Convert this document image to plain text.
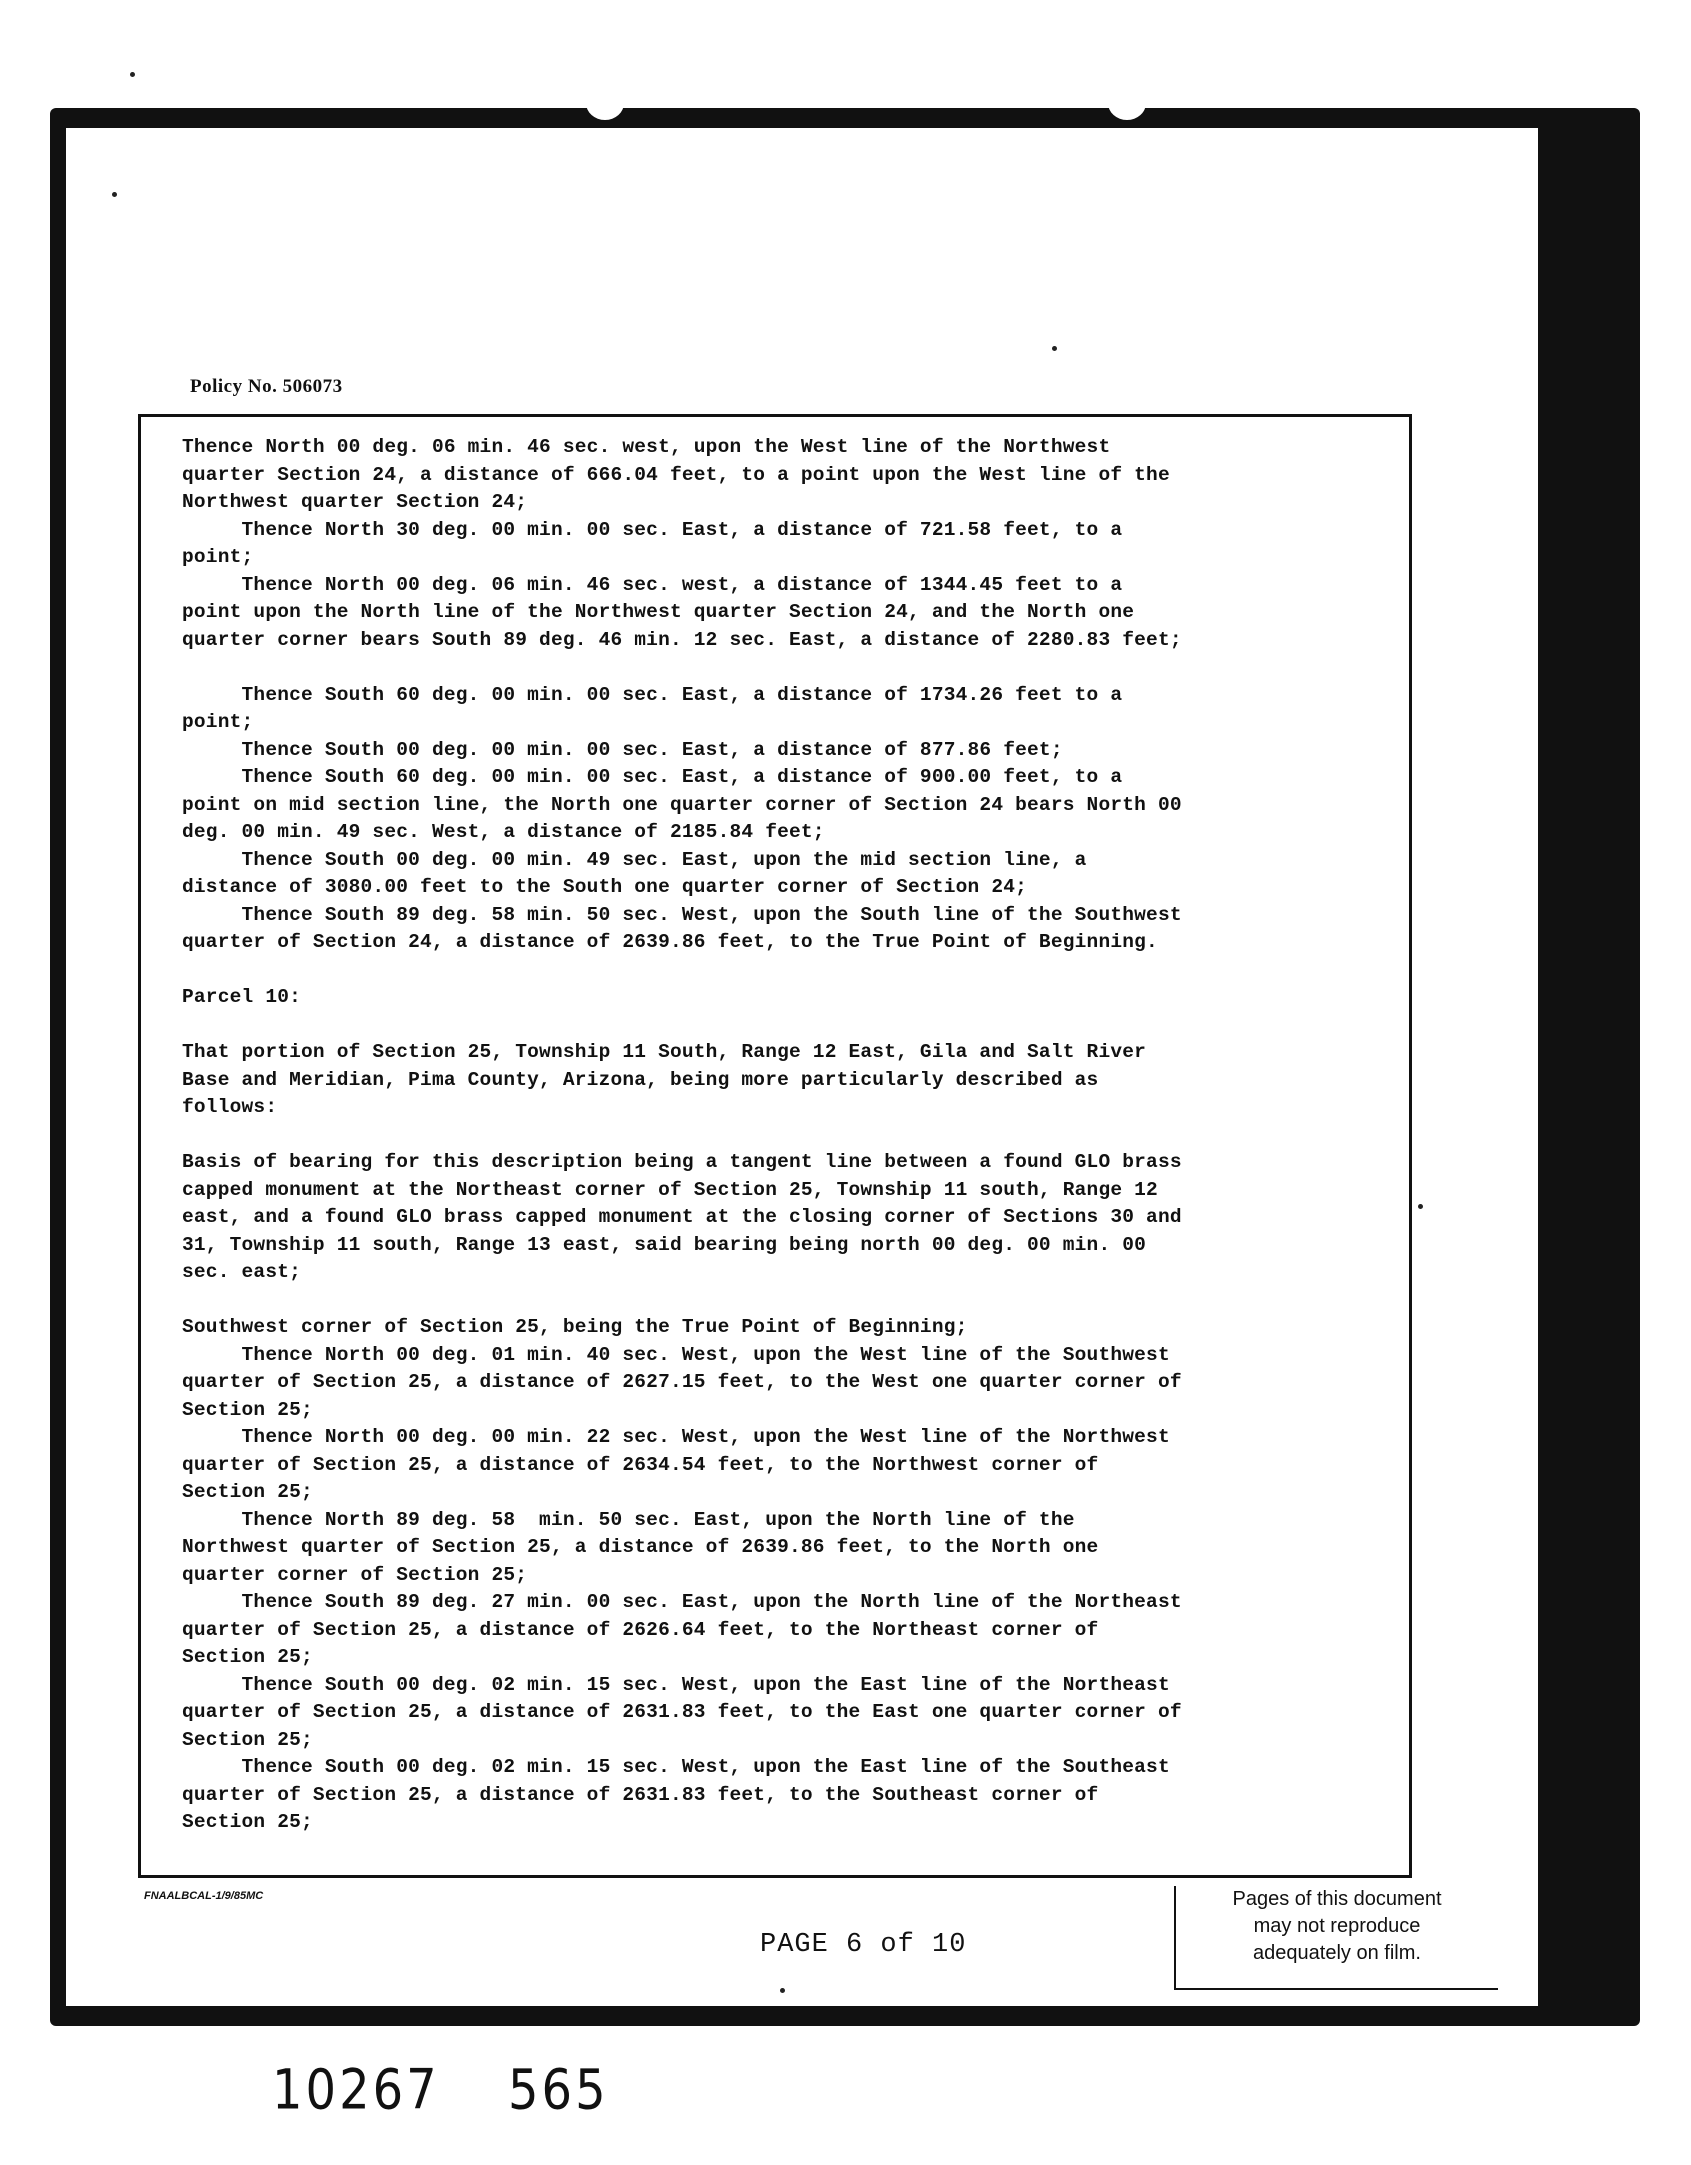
Policy No. 506073
Thence North 00 deg. 06 min. 46 sec. west, upon the West line of the Northwest
quarter Section 24, a distance of 666.04 feet, to a point upon the West line of the
Northwest quarter Section 24;
Thence North 30 deg. 00 min. 00 sec. East, a distance of 721.58 feet, to a
point;
Thence North 00 deg. 06 min. 46 sec. west, a distance of 1344.45 feet to a
point upon the North line of the Northwest quarter Section 24, and the North one
quarter corner bears South 89 deg. 46 min. 12 sec. East, a distance of 2280.83 feet;
Thence South 60 deg. 00 min. 00 sec. East, a distance of 1734.26 feet to a
point;
Thence South 00 deg. 00 min. 00 sec. East, a distance of 877.86 feet;
Thence South 60 deg. 00 min. 00 sec. East, a distance of 900.00 feet, to a
point on mid section line, the North one quarter corner of Section 24 bears North 00
deg. 00 min. 49 sec. West, a distance of 2185.84 feet;
Thence South 00 deg. 00 min. 49 sec. East, upon the mid section line, a
distance of 3080.00 feet to the South one quarter corner of Section 24;
Thence South 89 deg. 58 min. 50 sec. West, upon the South line of the Southwest
quarter of Section 24, a distance of 2639.86 feet, to the True Point of Beginning.
Parcel 10:
That portion of Section 25, Township 11 South, Range 12 East, Gila and Salt River
Base and Meridian, Pima County, Arizona, being more particularly described as
follows:
Basis of bearing for this description being a tangent line between a found GLO brass
capped monument at the Northeast corner of Section 25, Township 11 south, Range 12
east, and a found GLO brass capped monument at the closing corner of Sections 30 and
31, Township 11 south, Range 13 east, said bearing being north 00 deg. 00 min. 00
sec. east;
Southwest corner of Section 25, being the True Point of Beginning;
Thence North 00 deg. 01 min. 40 sec. West, upon the West line of the Southwest
quarter of Section 25, a distance of 2627.15 feet, to the West one quarter corner of
Section 25;
Thence North 00 deg. 00 min. 22 sec. West, upon the West line of the Northwest
quarter of Section 25, a distance of 2634.54 feet, to the Northwest corner of
Section 25;
Thence North 89 deg. 58  min. 50 sec. East, upon the North line of the
Northwest quarter of Section 25, a distance of 2639.86 feet, to the North one
quarter corner of Section 25;
Thence South 89 deg. 27 min. 00 sec. East, upon the North line of the Northeast
quarter of Section 25, a distance of 2626.64 feet, to the Northeast corner of
Section 25;
Thence South 00 deg. 02 min. 15 sec. West, upon the East line of the Northeast
quarter of Section 25, a distance of 2631.83 feet, to the East one quarter corner of
Section 25;
Thence South 00 deg. 02 min. 15 sec. West, upon the East line of the Southeast
quarter of Section 25, a distance of 2631.83 feet, to the Southeast corner of
Section 25;
FNAALBCAL-1/9/85MC
PAGE 6 of 10
Pages of this document
may not reproduce
adequately on film.
10267 565
